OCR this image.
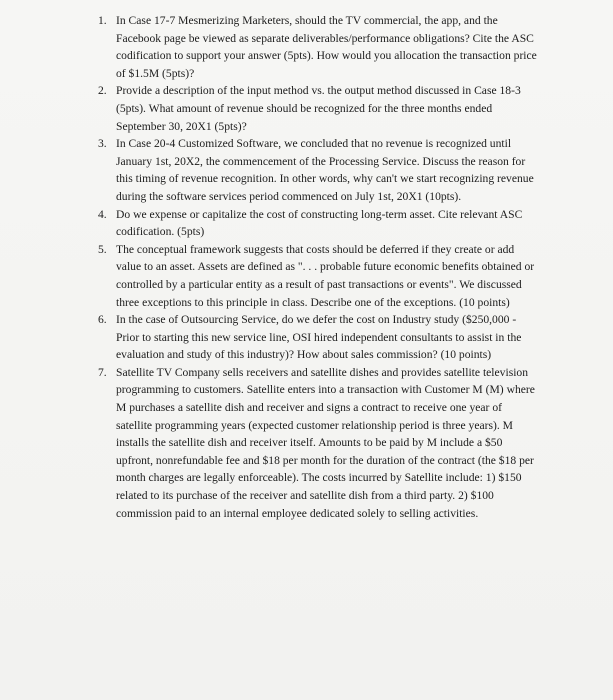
1. In Case 17-7 Mesmerizing Marketers, should the TV commercial, the app, and the Facebook page be viewed as separate deliverables/performance obligations? Cite the ASC codification to support your answer (5pts). How would you allocation the transaction price of $1.5M (5pts)?
2. Provide a description of the input method vs. the output method discussed in Case 18-3 (5pts). What amount of revenue should be recognized for the three months ended September 30, 20X1 (5pts)?
3. In Case 20-4 Customized Software, we concluded that no revenue is recognized until January 1st, 20X2, the commencement of the Processing Service. Discuss the reason for this timing of revenue recognition. In other words, why can't we start recognizing revenue during the software services period commenced on July 1st, 20X1 (10pts).
4. Do we expense or capitalize the cost of constructing long-term asset. Cite relevant ASC codification. (5pts)
5. The conceptual framework suggests that costs should be deferred if they create or add value to an asset. Assets are defined as ". . . probable future economic benefits obtained or controlled by a particular entity as a result of past transactions or events". We discussed three exceptions to this principle in class. Describe one of the exceptions. (10 points)
6. In the case of Outsourcing Service, do we defer the cost on Industry study ($250,000 - Prior to starting this new service line, OSI hired independent consultants to assist in the evaluation and study of this industry)? How about sales commission? (10 points)
7. Satellite TV Company sells receivers and satellite dishes and provides satellite television programming to customers. Satellite enters into a transaction with Customer M (M) where M purchases a satellite dish and receiver and signs a contract to receive one year of satellite programming years (expected customer relationship period is three years). M installs the satellite dish and receiver itself. Amounts to be paid by M include a $50 upfront, nonrefundable fee and $18 per month for the duration of the contract (the $18 per month charges are legally enforceable). The costs incurred by Satellite include: 1) $150 related to its purchase of the receiver and satellite dish from a third party. 2) $100 commission paid to an internal employee dedicated solely to selling activities.
